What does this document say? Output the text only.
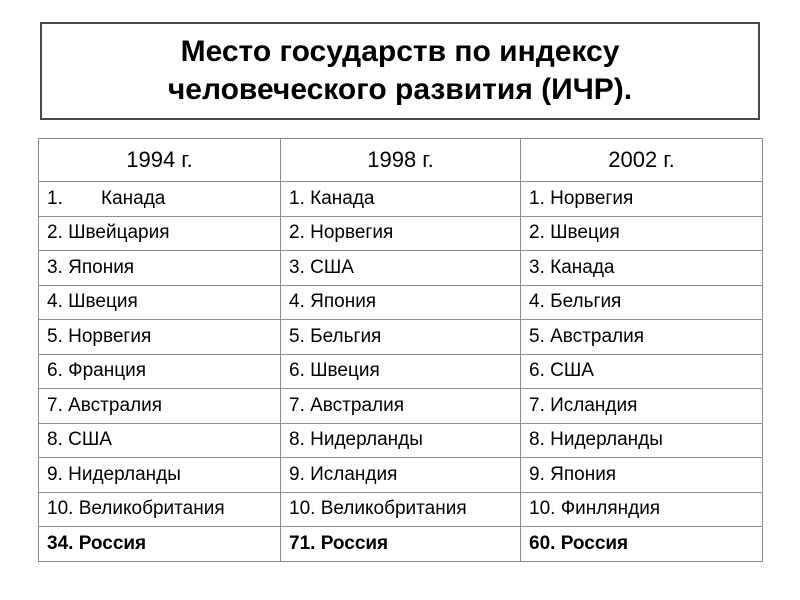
Место государств по индексу
человеческого развития (ИЧР).
1994 г.	1998 г.	2002 г.
1. Канада	1. Канада	1. Норвегия
2. Швейцария	2. Норвегия	2. Швеция
3. Япония	3. США	3. Канада
4. Швеция	4. Япония	4. Бельгия
5. Норвегия	5. Бельгия	5. Австралия
6. Франция	6. Швеция	6. США
7. Австралия	7. Австралия	7. Исландия
8. США	8. Нидерланды	8. Нидерланды
9. Нидерланды	9. Исландия	9. Япония
10. Великобритания	10. Великобритания	10. Финляндия
34. Россия	71. Россия	60. Россия
